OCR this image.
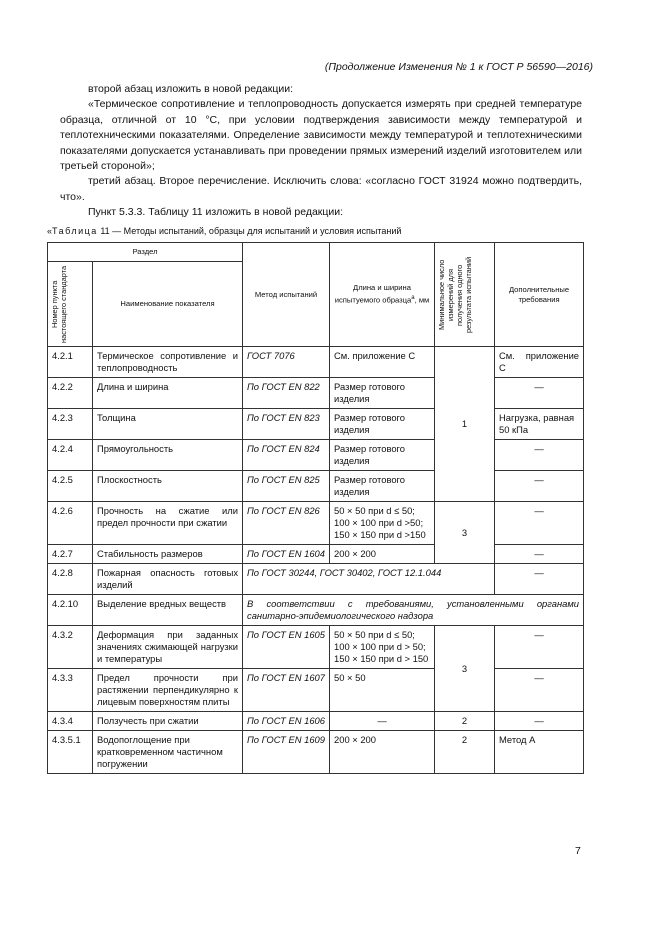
(Продолжение Изменения № 1 к ГОСТ Р 56590—2016)

второй абзац изложить в новой редакции:

«Термическое сопротивление и теплопроводность допускается измерять при средней температуре образца, отличной от 10 °С, при условии подтверждения зависимости между температурой и теплотехническими показателями. Определение зависимости между температурой и теплотехническими показателями допускается устанавливать при проведении прямых измерений изделий изготовителем или третьей стороной»;

третий абзац. Второе перечисление. Исключить слова: «согласно ГОСТ 31924 можно подтвердить, что».

Пункт 5.3.3. Таблицу 11 изложить в новой редакции:

«Таблица 11 — Методы испытаний, образцы для испытаний и условия испытаний
Раздел		Метод испытаний	Длина и ширина испытуемого образца$^a$, мм	Минимальное число измерений для получения одного результата испытаний	Дополнительные требования

Номер пункта настоящего стандарта	Наименование показателя				
4.2.1	Термическое сопротивление и теплопроводность	ГОСТ 7076	См. приложение С	1	См. приложение С
4.2.2	Длина и ширина	По ГОСТ EN 822	Размер готового изделия		—
4.2.3	Толщина	По ГОСТ EN 823	Размер готового изделия		Нагрузка, равная 50 кПа
4.2.4	Прямоугольность	По ГОСТ EN 824	Размер готового изделия		—
4.2.5	Плоскостность	По ГОСТ EN 825	Размер готового изделия		—
4.2.6	Прочность на сжатие или предел прочности при сжатии	По ГОСТ EN 826	50 × 50 при d ≤ 50; 100 × 100 при d >50; 150 × 150 при d >150	3	—
4.2.7	Стабильность размеров	По ГОСТ EN 1604	200 × 200		—
4.2.8	Пожарная опасность готовых изделий	По ГОСТ 30244, ГОСТ 30402, ГОСТ 12.1.044			—
4.2.10	Выделение вредных веществ	В соответствии с требованиями, установленными органами санитарно-эпидемиологического надзора			
4.3.2	Деформация при заданных значениях сжимающей нагрузки и температуры	По ГОСТ EN 1605	50 × 50 при d ≤ 50; 100 × 100 при d > 50; 150 × 150 при d > 150	3	—
4.3.3	Предел прочности при растяжении перпендикулярно к лицевым поверхностям плиты	По ГОСТ EN 1607	50 × 50		—
4.3.4	Ползучесть при сжатии	По ГОСТ EN 1606	—	2	—
4.3.5.1	Водопоглощение при кратковременном частичном погружении	По ГОСТ EN 1609	200 × 200	2	Метод А
7
